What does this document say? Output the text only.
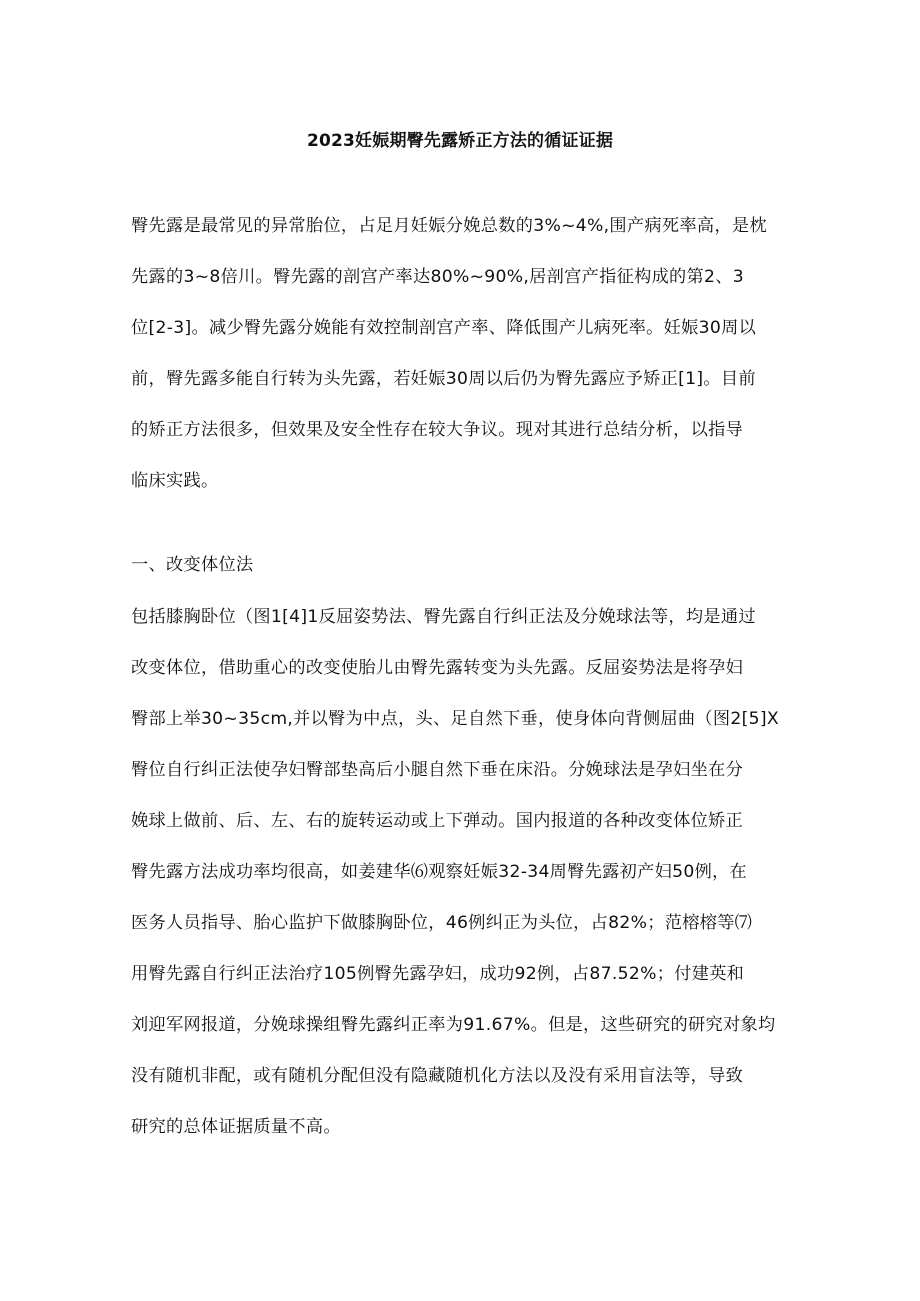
2023妊娠期臀先露矫正方法的循证证据
臀先露是最常见的异常胎位，占足月妊娠分娩总数的3%~4%,围产病死率高，是枕
先露的3~8倍川。臀先露的剖宫产率达80%~90%,居剖宫产指征构成的第2、3
位[2-3]。减少臀先露分娩能有效控制剖宫产率、降低围产儿病死率。妊娠30周以
前，臀先露多能自行转为头先露，若妊娠30周以后仍为臀先露应予矫正[1]。目前
的矫正方法很多，但效果及安全性存在较大争议。现对其进行总结分析，以指导
临床实践。
一、改变体位法
包括膝胸卧位（图1[4]1反屈姿势法、臀先露自行纠正法及分娩球法等，均是通过
改变体位，借助重心的改变使胎儿由臀先露转变为头先露。反屈姿势法是将孕妇
臀部上举30~35cm,并以臀为中点，头、足自然下垂，使身体向背侧屈曲（图2[5]X
臀位自行纠正法使孕妇臀部垫高后小腿自然下垂在床沿。分娩球法是孕妇坐在分
娩球上做前、后、左、右的旋转运动或上下弹动。国内报道的各种改变体位矫正
臀先露方法成功率均很高，如姜建华⑹观察妊娠32-34周臀先露初产妇50例，在
医务人员指导、胎心监护下做膝胸卧位，46例纠正为头位，占82%；范榕榕等⑺
用臀先露自行纠正法治疗105例臀先露孕妇，成功92例，占87.52%；付建英和
刘迎军网报道，分娩球操组臀先露纠正率为91.67%。但是，这些研究的研究对象均
没有随机非配，或有随机分配但没有隐藏随机化方法以及没有采用盲法等，导致
研究的总体证据质量不高。
